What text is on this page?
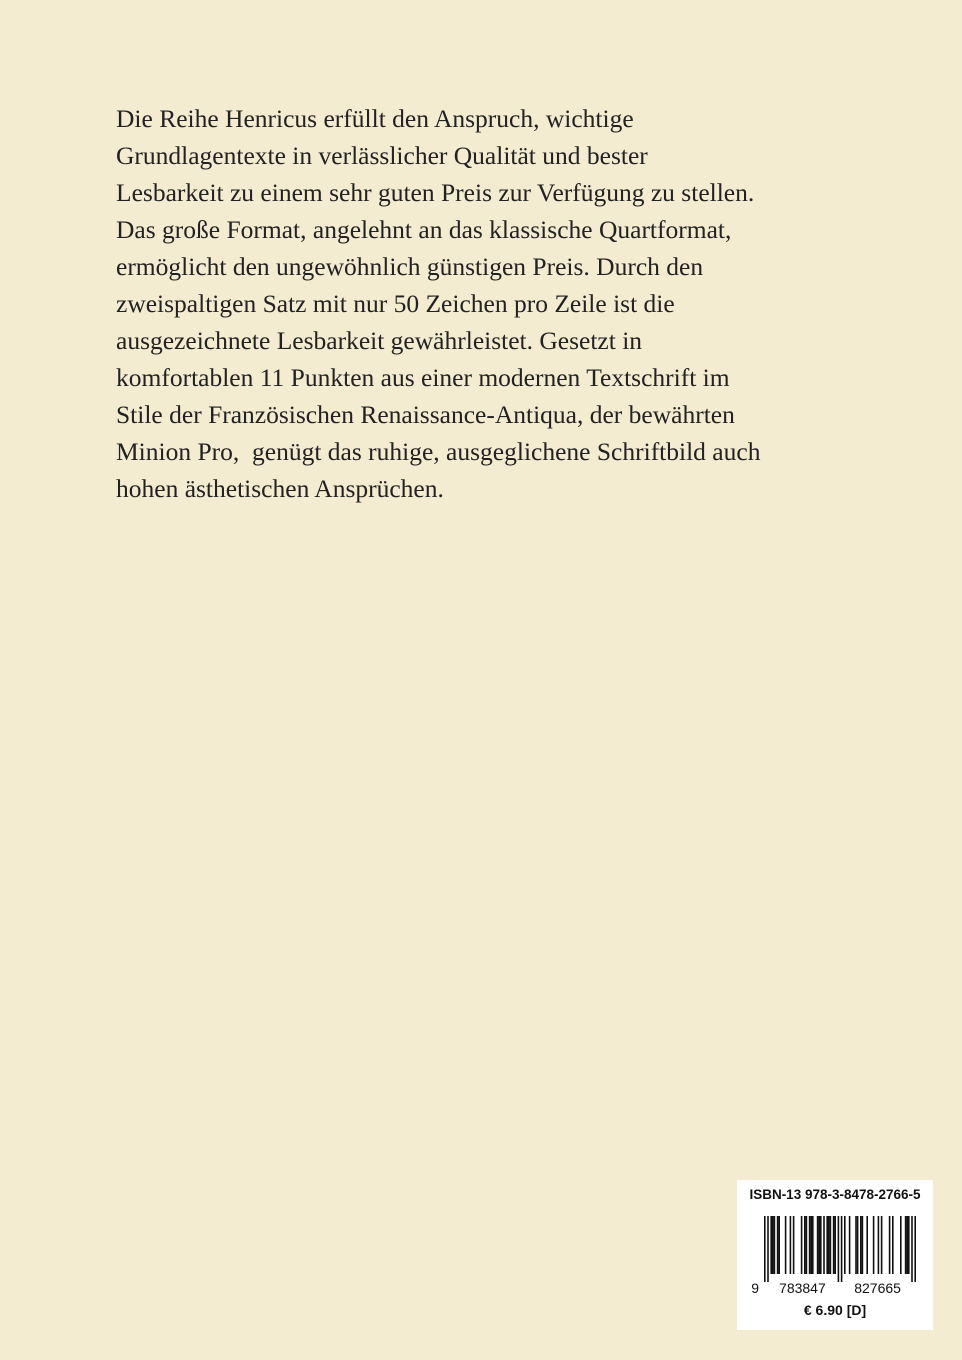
Die Reihe Henricus erfüllt den Anspruch, wichtige
Grundlagentexte in verlässlicher Qualität und bester
Lesbarkeit zu einem sehr guten Preis zur Verfügung zu stellen.
Das große Format, angelehnt an das klassische Quartformat,
ermöglicht den ungewöhnlich günstigen Preis. Durch den
zweispaltigen Satz mit nur 50 Zeichen pro Zeile ist die
ausgezeichnete Lesbarkeit gewährleistet. Gesetzt in
komfortablen 11 Punkten aus einer modernen Textschrift im
Stile der Französischen Renaissance-Antiqua, der bewährten
Minion Pro,  genügt das ruhige, ausgeglichene Schriftbild auch
hohen ästhetischen Ansprüchen.

ISBN-13 978-3-8478-2766-5

9 783847 827665

€ 6.90 [D]
